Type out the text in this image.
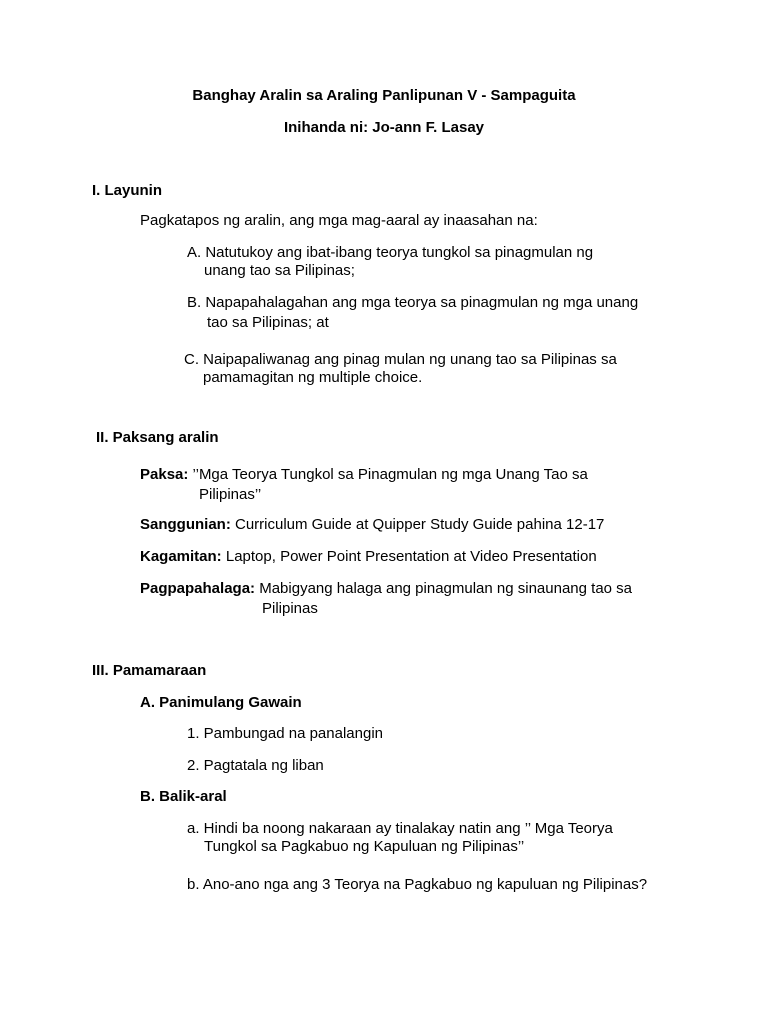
Banghay Aralin sa Araling Panlipunan V - Sampaguita
Inihanda ni: Jo-ann F. Lasay
I. Layunin
Pagkatapos ng aralin, ang mga mag-aaral ay inaasahan na:
A. Natutukoy ang ibat-ibang teorya tungkol sa pinagmulan ng
unang tao sa Pilipinas;
B. Napapahalagahan ang mga teorya sa pinagmulan ng mga unang
tao sa Pilipinas; at
C. Naipapaliwanag ang pinag mulan ng unang tao sa Pilipinas sa
pamamagitan ng multiple choice.
II. Paksang aralin
Paksa: ’’Mga Teorya Tungkol sa Pinagmulan ng mga Unang Tao sa
Pilipinas’’
Sanggunian: Curriculum Guide at Quipper Study Guide pahina 12-17
Kagamitan: Laptop, Power Point Presentation at Video Presentation
Pagpapahalaga: Mabigyang halaga ang pinagmulan ng sinaunang tao sa
Pilipinas
III. Pamamaraan
A. Panimulang Gawain
1. Pambungad na panalangin
2. Pagtatala ng liban
B. Balik-aral
a. Hindi ba noong nakaraan ay tinalakay natin ang ’’ Mga Teorya
Tungkol sa Pagkabuo ng Kapuluan ng Pilipinas’’
b. Ano-ano nga ang 3 Teorya na Pagkabuo ng kapuluan ng Pilipinas?
